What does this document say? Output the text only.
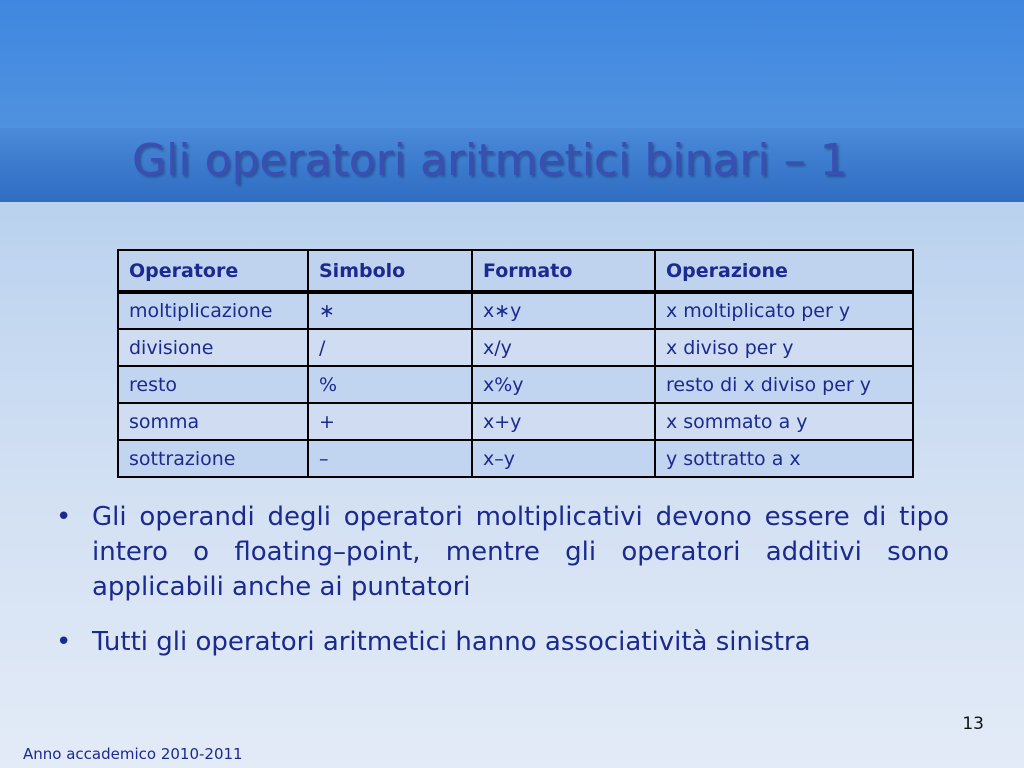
Gli operatori aritmetici binari – 1
Operatore	Simbolo	Formato	Operazione
moltiplicazione	∗	x∗y	x moltiplicato per y
divisione	/	x/y	x diviso per y
resto	%	x%y	resto di x diviso per y
somma	+	x+y	x sommato a y
sottrazione	–	x–y	y sottratto a x
• Gli operandi degli operatori moltiplicativi devono essere di tipo intero o floating–point, mentre gli operatori additivi sono applicabili anche ai puntatori
• Tutti gli operatori aritmetici hanno associatività sinistra
13
Anno accademico 2010-2011
